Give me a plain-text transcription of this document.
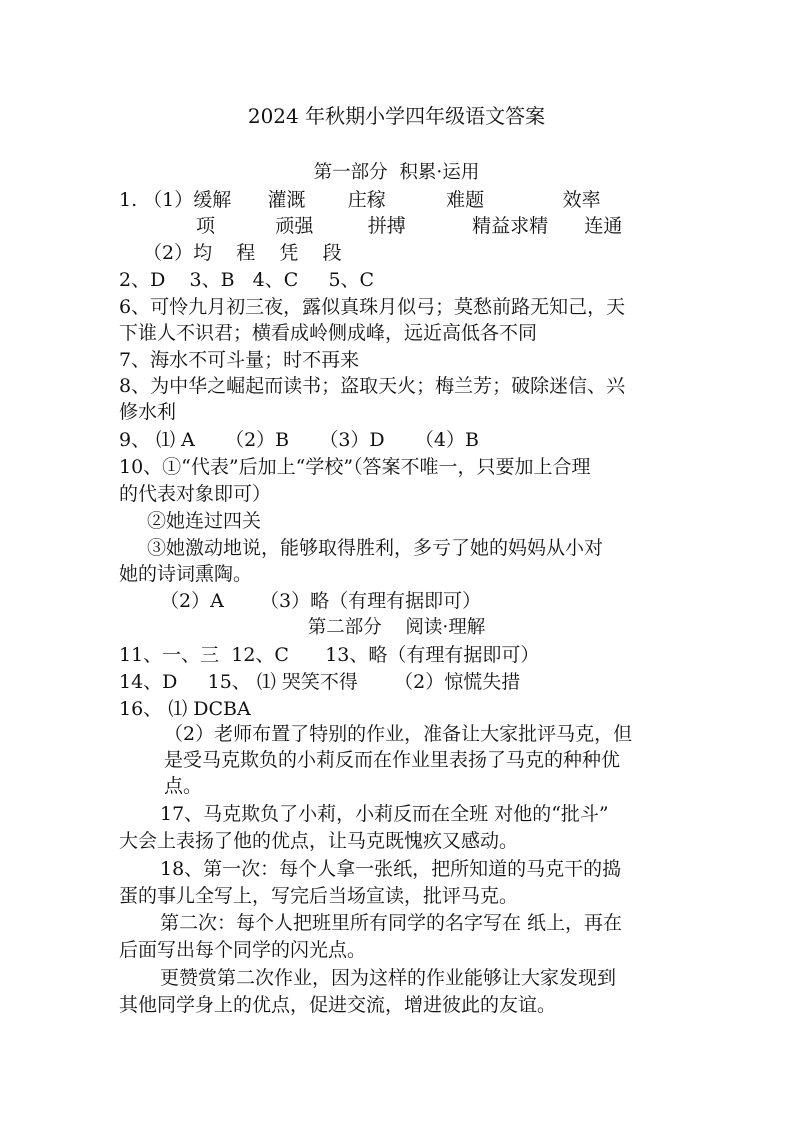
2024 年秋期小学四年级语文答案
第一部分  积累·运用
1. （1）缓解      灌溉       庄稼          难题             效率
项          顽强         拼搏           精益求精      连通
（2）均    程    凭    段
2、D    3、B   4、C     5、C
6、可怜九月初三夜，露似真珠月似弓；莫愁前路无知己，天
下谁人不识君；横看成岭侧成峰，远近高低各不同
7、海水不可斗量；时不再来
8、为中华之崛起而读书；盗取天火；梅兰芳；破除迷信、兴
修水利
9、 ⑴ A     （2）B     （3）D     （4）B
10、①“代表”后加上“学校”（答案不唯一，只要加上合理
的代表对象即可）
②她连过四关
③她激动地说，能够取得胜利，多亏了她的妈妈从小对
她的诗词熏陶。
（2）A      （3）略（有理有据即可）
第二部分    阅读·理解
11、一、三  12、C      13、略（有理有据即可）
14、D     15、 ⑴ 哭笑不得      （2）惊慌失措
16、 ⑴ DCBA
（2）老师布置了特别的作业，准备让大家批评马克，但
是受马克欺负的小莉反而在作业里表扬了马克的种种优
点。
17、马克欺负了小莉，小莉反而在全班 对他的“批斗”
大会上表扬了他的优点，让马克既愧疚又感动。
18、第一次：每个人拿一张纸，把所知道的马克干的捣
蛋的事儿全写上，写完后当场宣读，批评马克。
第二次：每个人把班里所有同学的名字写在 纸上，再在
后面写出每个同学的闪光点。
更赞赏第二次作业，因为这样的作业能够让大家发现到
其他同学身上的优点，促进交流，增进彼此的友谊。
